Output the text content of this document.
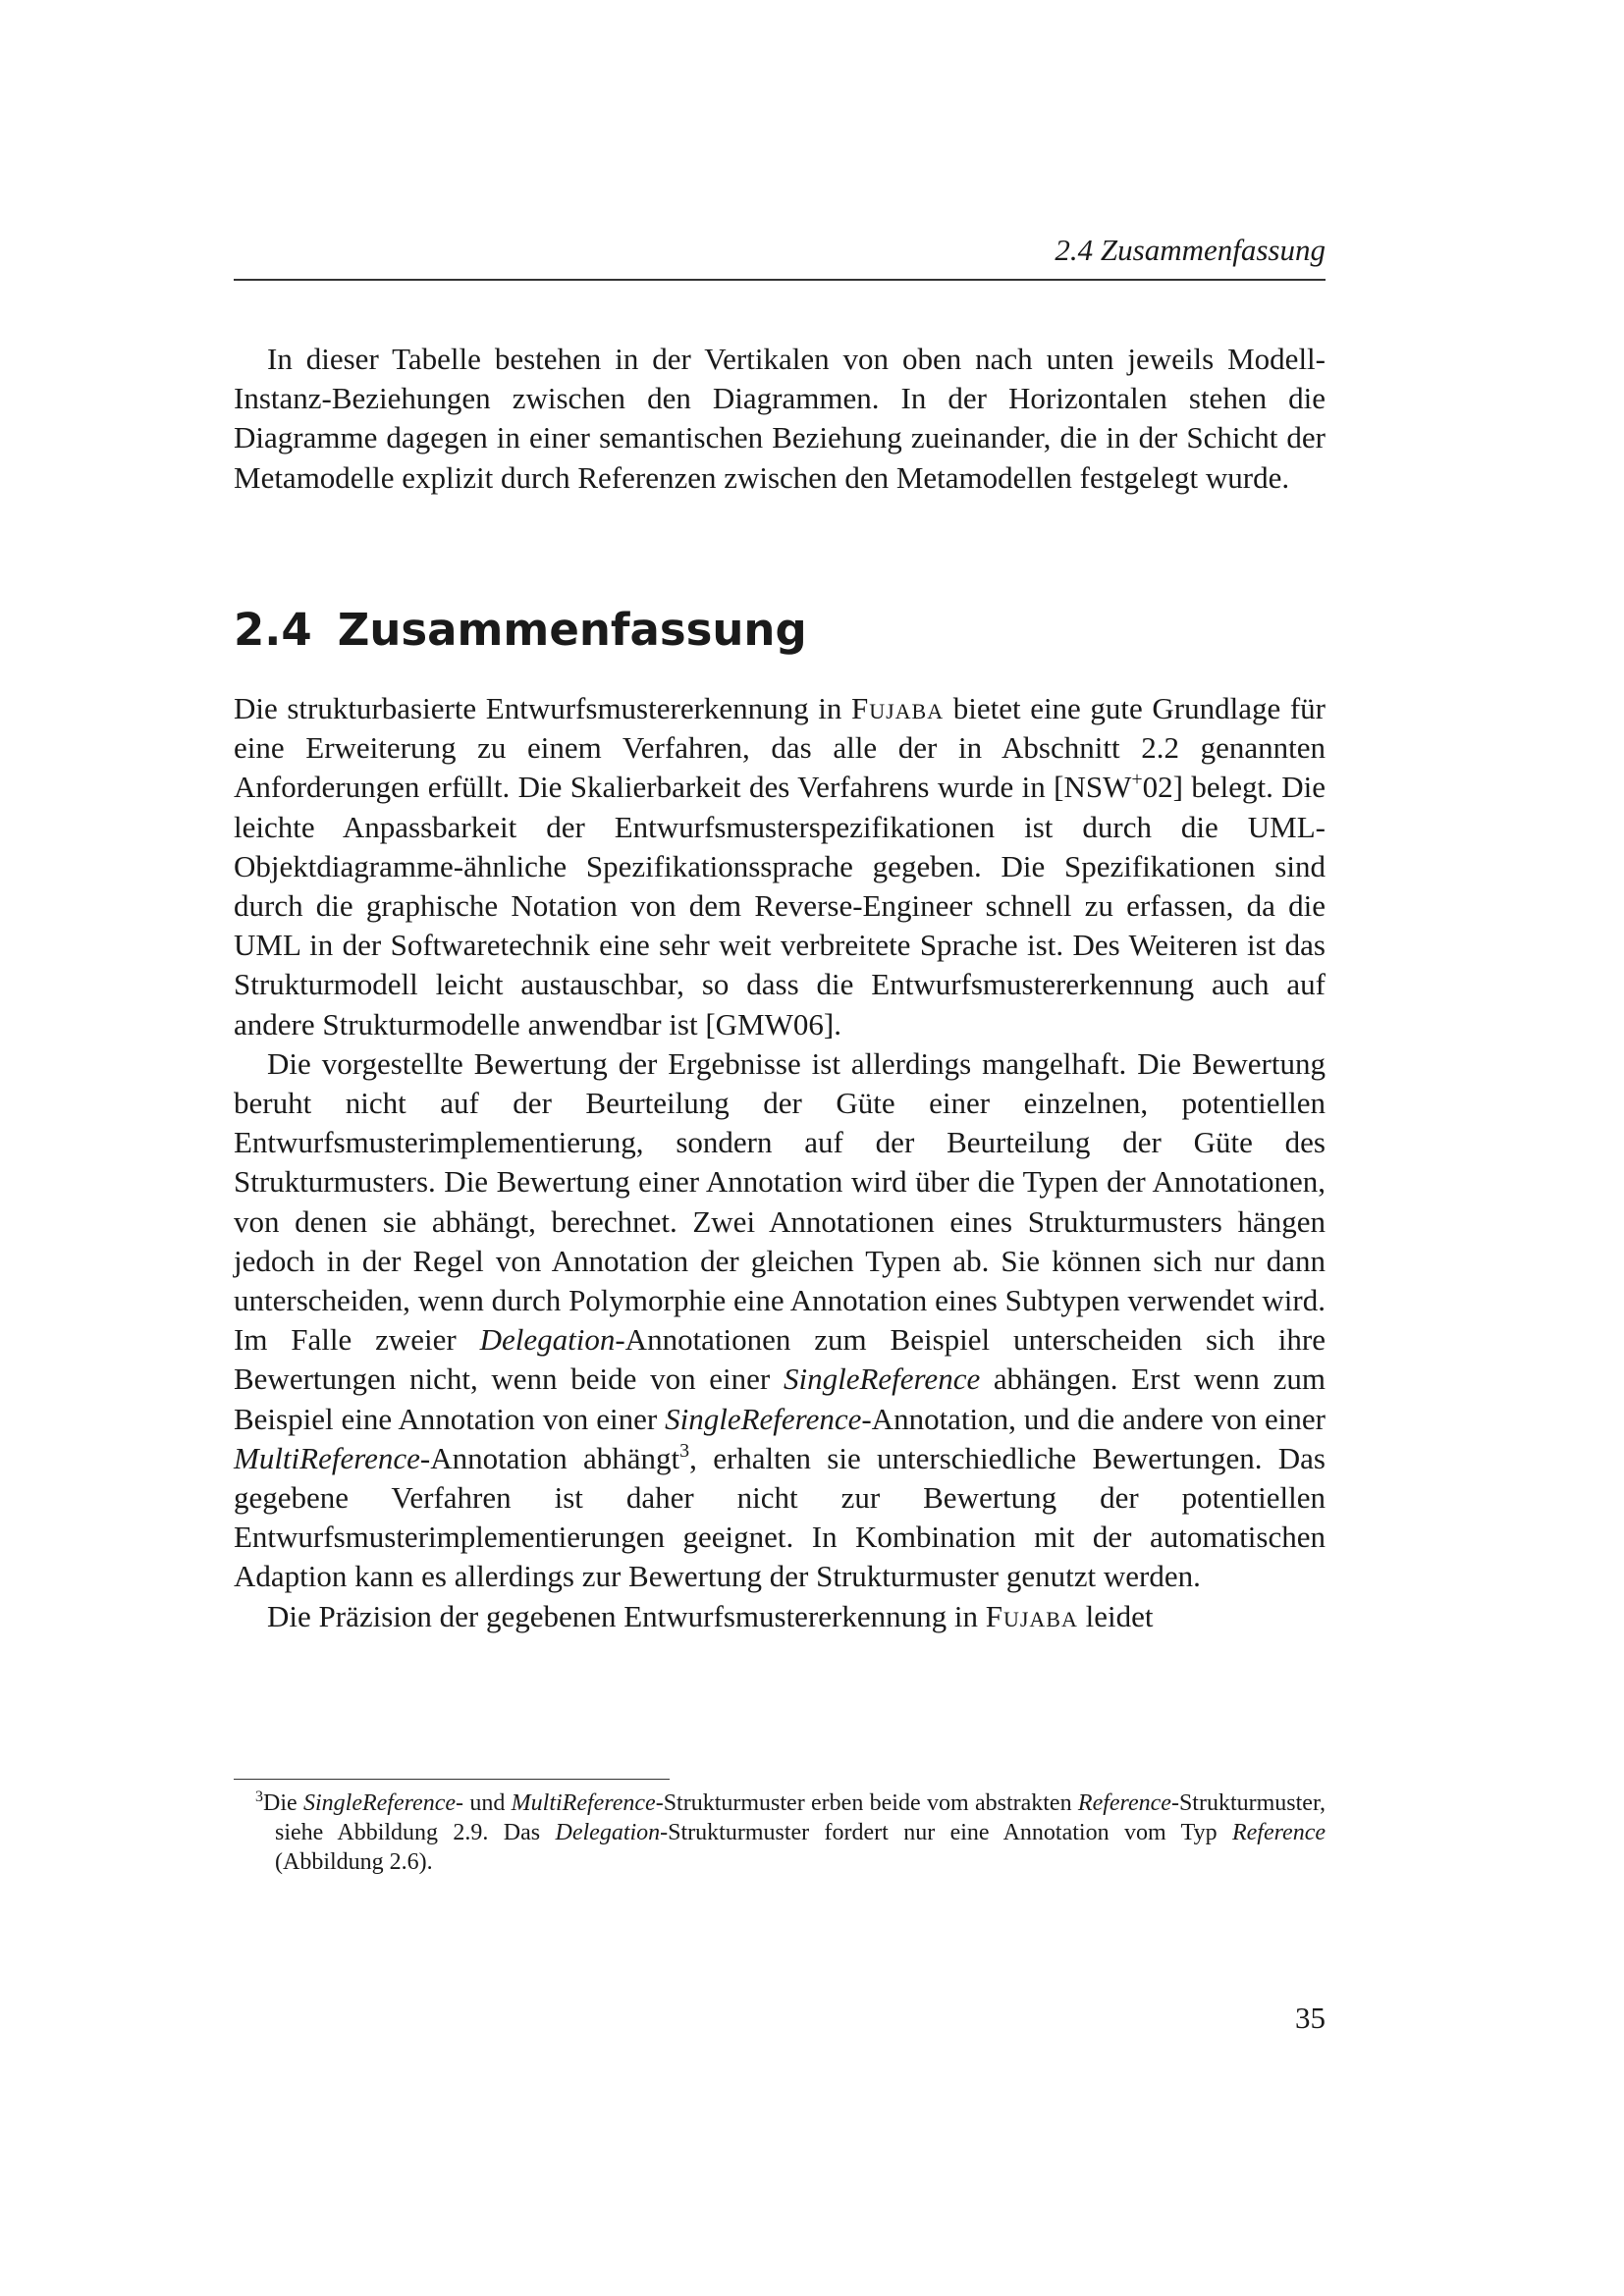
2.4 Zusammenfassung

In dieser Tabelle bestehen in der Vertikalen von oben nach unten jeweils Modell-Instanz-Beziehungen zwischen den Diagrammen. In der Horizontalen stehen die Diagramme dagegen in einer semantischen Beziehung zueinander, die in der Schicht der Metamodelle explizit durch Referenzen zwischen den Metamodellen festgelegt wurde.

2.4 Zusammenfassung

Die strukturbasierte Entwurfsmustererkennung in Fujaba bietet eine gute Grundlage für eine Erweiterung zu einem Verfahren, das alle der in Abschnitt 2.2 genannten Anforderungen erfüllt. Die Skalierbarkeit des Verfahrens wurde in [NSW+02] belegt. Die leichte Anpassbarkeit der Entwurfsmusterspezifikationen ist durch die UML-Objektdiagramme-ähnliche Spezifikationssprache gegeben. Die Spezifikationen sind durch die graphische Notation von dem Reverse-Engineer schnell zu erfassen, da die UML in der Softwaretechnik eine sehr weit verbreitete Sprache ist. Des Weiteren ist das Strukturmodell leicht austauschbar, so dass die Entwurfsmustererkennung auch auf andere Strukturmodelle anwendbar ist [GMW06].

Die vorgestellte Bewertung der Ergebnisse ist allerdings mangelhaft. Die Bewertung beruht nicht auf der Beurteilung der Güte einer einzelnen, potentiellen Entwurfsmusterimplementierung, sondern auf der Beurteilung der Güte des Strukturmusters. Die Bewertung einer Annotation wird über die Typen der Annotationen, von denen sie abhängt, berechnet. Zwei Annotationen eines Strukturmusters hängen jedoch in der Regel von Annotation der gleichen Typen ab. Sie können sich nur dann unterscheiden, wenn durch Polymorphie eine Annotation eines Subtypen verwendet wird. Im Falle zweier Delegation-Annotationen zum Beispiel unterscheiden sich ihre Bewertungen nicht, wenn beide von einer SingleReference abhängen. Erst wenn zum Beispiel eine Annotation von einer SingleReference-Annotation, und die andere von einer MultiReference-Annotation abhängt$^3$, erhalten sie unterschiedliche Bewertungen. Das gegebene Verfahren ist daher nicht zur Bewertung der potentiellen Entwurfsmusterimplementierungen geeignet. In Kombination mit der automatischen Adaption kann es allerdings zur Bewertung der Strukturmuster genutzt werden.

Die Präzision der gegebenen Entwurfsmustererkennung in Fujaba leidet

$^3$Die SingleReference- und MultiReference-Strukturmuster erben beide vom abstrakten Reference-Strukturmuster, siehe Abbildung 2.9. Das Delegation-Strukturmuster fordert nur eine Annotation vom Typ Reference (Abbildung 2.6).

35
